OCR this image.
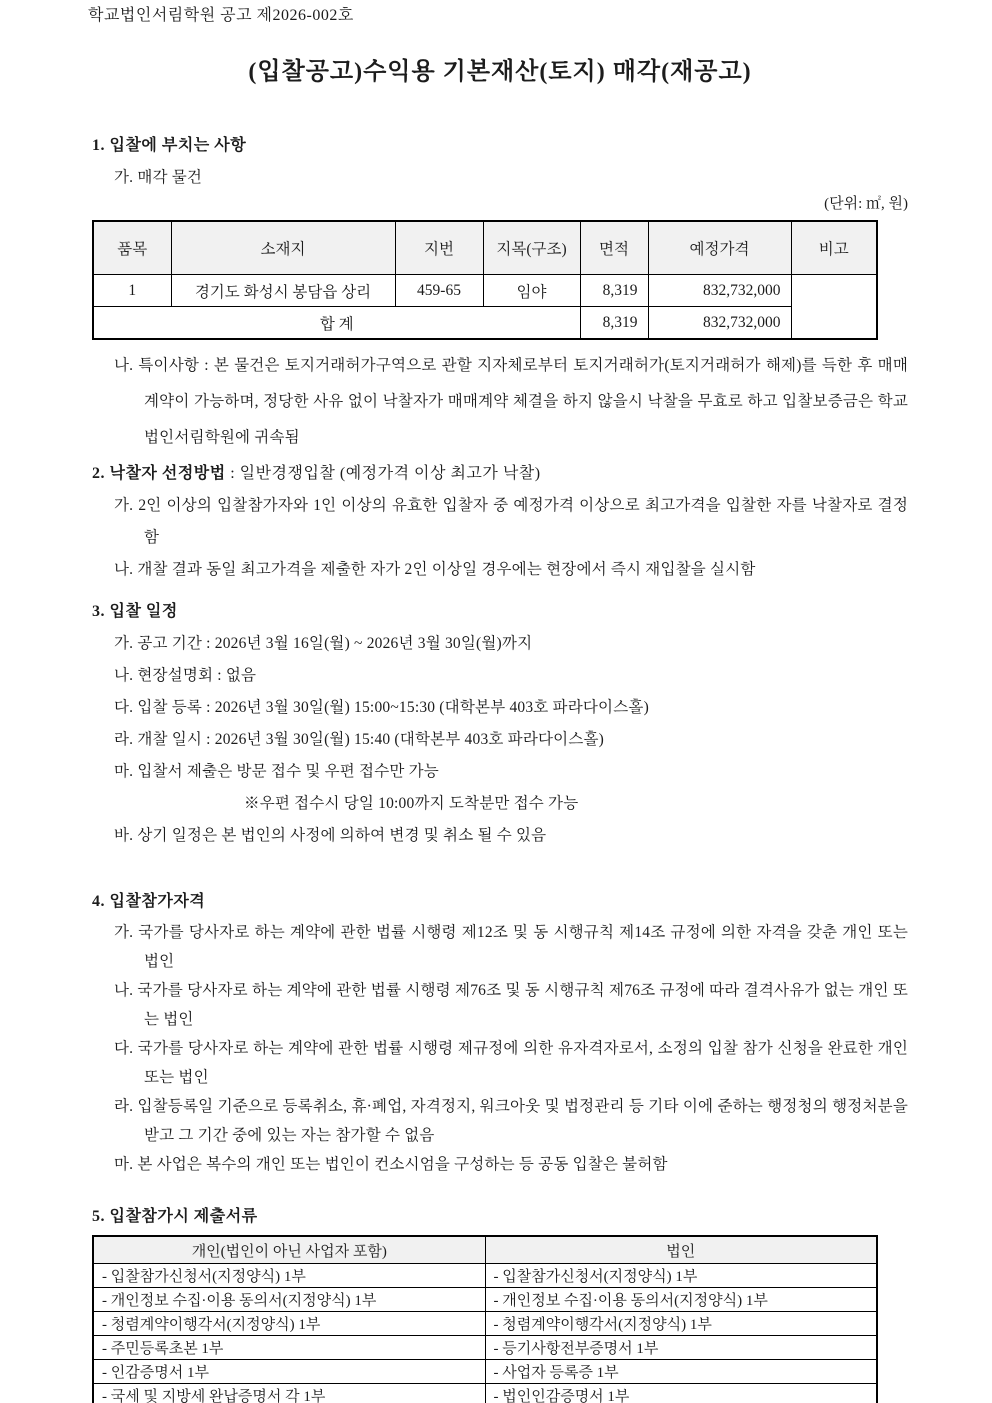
학교법인서림학원 공고 제2026-002호
(입찰공고)수익용 기본재산(토지) 매각(재공고)
1. 입찰에 부치는 사항
가. 매각 물건
(단위: ㎡, 원)
품목	소재지	지번	지목(구조)	면적	예정가격	비고
1	경기도 화성시 봉담읍 상리	459-65	임야	8,319	832,732,000	
합 계				8,319	832,732,000	
나. 특이사항 : 본 물건은 토지거래허가구역으로 관할 지자체로부터 토지거래허가(토지거래허가 해제)를 득한 후 매매계약이 가능하며, 정당한 사유 없이 낙찰자가 매매계약 체결을 하지 않을시 낙찰을 무효로 하고 입찰보증금은 학교법인서림학원에 귀속됨
2. 낙찰자 선정방법 : 일반경쟁입찰 (예정가격 이상 최고가 낙찰)
가. 2인 이상의 입찰참가자와 1인 이상의 유효한 입찰자 중 예정가격 이상으로 최고가격을 입찰한 자를 낙찰자로 결정함
나. 개찰 결과 동일 최고가격을 제출한 자가 2인 이상일 경우에는 현장에서 즉시 재입찰을 실시함
3. 입찰 일정
가. 공고 기간 : 2026년 3월 16일(월) ~ 2026년 3월 30일(월)까지
나. 현장설명회 : 없음
다. 입찰 등록 : 2026년 3월 30일(월) 15:00~15:30 (대학본부 403호 파라다이스홀)
라. 개찰 일시 : 2026년 3월 30일(월) 15:40 (대학본부 403호 파라다이스홀)
마. 입찰서 제출은 방문 접수 및 우편 접수만 가능
※우편 접수시 당일 10:00까지 도착분만 접수 가능
바. 상기 일정은 본 법인의 사정에 의하여 변경 및 취소 될 수 있음
4. 입찰참가자격
가. 국가를 당사자로 하는 계약에 관한 법률 시행령 제12조 및 동 시행규칙 제14조 규정에 의한 자격을 갖춘 개인 또는 법인
나. 국가를 당사자로 하는 계약에 관한 법률 시행령 제76조 및 동 시행규칙 제76조 규정에 따라 결격사유가 없는 개인 또는 법인
다. 국가를 당사자로 하는 계약에 관한 법률 시행령 제규정에 의한 유자격자로서, 소정의 입찰 참가 신청을 완료한 개인 또는 법인
라. 입찰등록일 기준으로 등록취소, 휴·폐업, 자격정지, 워크아웃 및 법정관리 등 기타 이에 준하는 행정청의 행정처분을 받고 그 기간 중에 있는 자는 참가할 수 없음
마. 본 사업은 복수의 개인 또는 법인이 컨소시엄을 구성하는 등 공동 입찰은 불허함
5. 입찰참가시 제출서류
개인(법인이 아닌 사업자 포함)	법인
- 입찰참가신청서(지정양식) 1부	- 입찰참가신청서(지정양식) 1부
- 개인정보 수집·이용 동의서(지정양식) 1부	- 개인정보 수집·이용 동의서(지정양식) 1부
- 청렴계약이행각서(지정양식) 1부	- 청렴계약이행각서(지정양식) 1부
- 주민등록초본 1부	- 등기사항전부증명서 1부
- 인감증명서 1부	- 사업자 등록증 1부
- 국세 및 지방세 완납증명서 각 1부	- 법인인감증명서 1부
